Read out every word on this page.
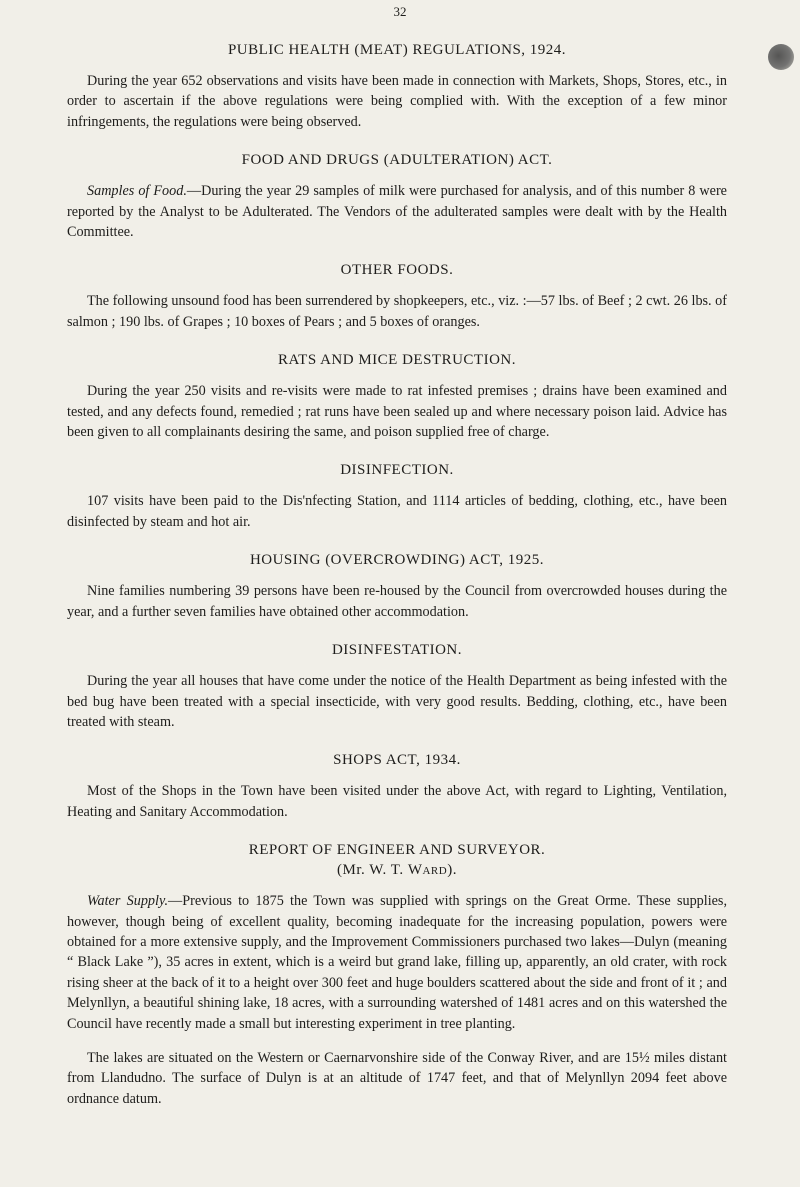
32
PUBLIC HEALTH (MEAT) REGULATIONS, 1924.

During the year 652 observations and visits have been made in connection with Markets, Shops, Stores, etc., in order to ascertain if the above regulations were being complied with. With the exception of a few minor infringements, the regulations were being observed.

FOOD AND DRUGS (ADULTERATION) ACT.

Samples of Food.—During the year 29 samples of milk were purchased for analysis, and of this number 8 were reported by the Analyst to be Adulterated. The Vendors of the adulterated samples were dealt with by the Health Committee.

OTHER FOODS.

The following unsound food has been surrendered by shopkeepers, etc., viz. :—57 lbs. of Beef ; 2 cwt. 26 lbs. of salmon ; 190 lbs. of Grapes ; 10 boxes of Pears ; and 5 boxes of oranges.

RATS AND MICE DESTRUCTION.

During the year 250 visits and re-visits were made to rat infested premises ; drains have been examined and tested, and any defects found, remedied ; rat runs have been sealed up and where necessary poison laid. Advice has been given to all complainants desiring the same, and poison supplied free of charge.

DISINFECTION.

107 visits have been paid to the Dis'nfecting Station, and 1114 articles of bedding, clothing, etc., have been disinfected by steam and hot air.

HOUSING (OVERCROWDING) ACT, 1925.

Nine families numbering 39 persons have been re-housed by the Council from overcrowded houses during the year, and a further seven families have obtained other accommodation.

DISINFESTATION.

During the year all houses that have come under the notice of the Health Department as being infested with the bed bug have been treated with a special insecticide, with very good results. Bedding, clothing, etc., have been treated with steam.

SHOPS ACT, 1934.

Most of the Shops in the Town have been visited under the above Act, with regard to Lighting, Ventilation, Heating and Sanitary Accommodation.

REPORT OF ENGINEER AND SURVEYOR.
(Mr. W. T. Ward).

Water Supply.—Previous to 1875 the Town was supplied with springs on the Great Orme. These supplies, however, though being of excellent quality, becoming inadequate for the increasing population, powers were obtained for a more extensive supply, and the Improvement Commissioners purchased two lakes—Dulyn (meaning “ Black Lake ”), 35 acres in extent, which is a weird but grand lake, filling up, apparently, an old crater, with rock rising sheer at the back of it to a height over 300 feet and huge boulders scattered about the side and front of it ; and Melynllyn, a beautiful shining lake, 18 acres, with a surrounding watershed of 1481 acres and on this watershed the Council have recently made a small but interesting experiment in tree planting.

The lakes are situated on the Western or Caernarvonshire side of the Conway River, and are 15½ miles distant from Llandudno. The surface of Dulyn is at an altitude of 1747 feet, and that of Melynllyn 2094 feet above ordnance datum.
